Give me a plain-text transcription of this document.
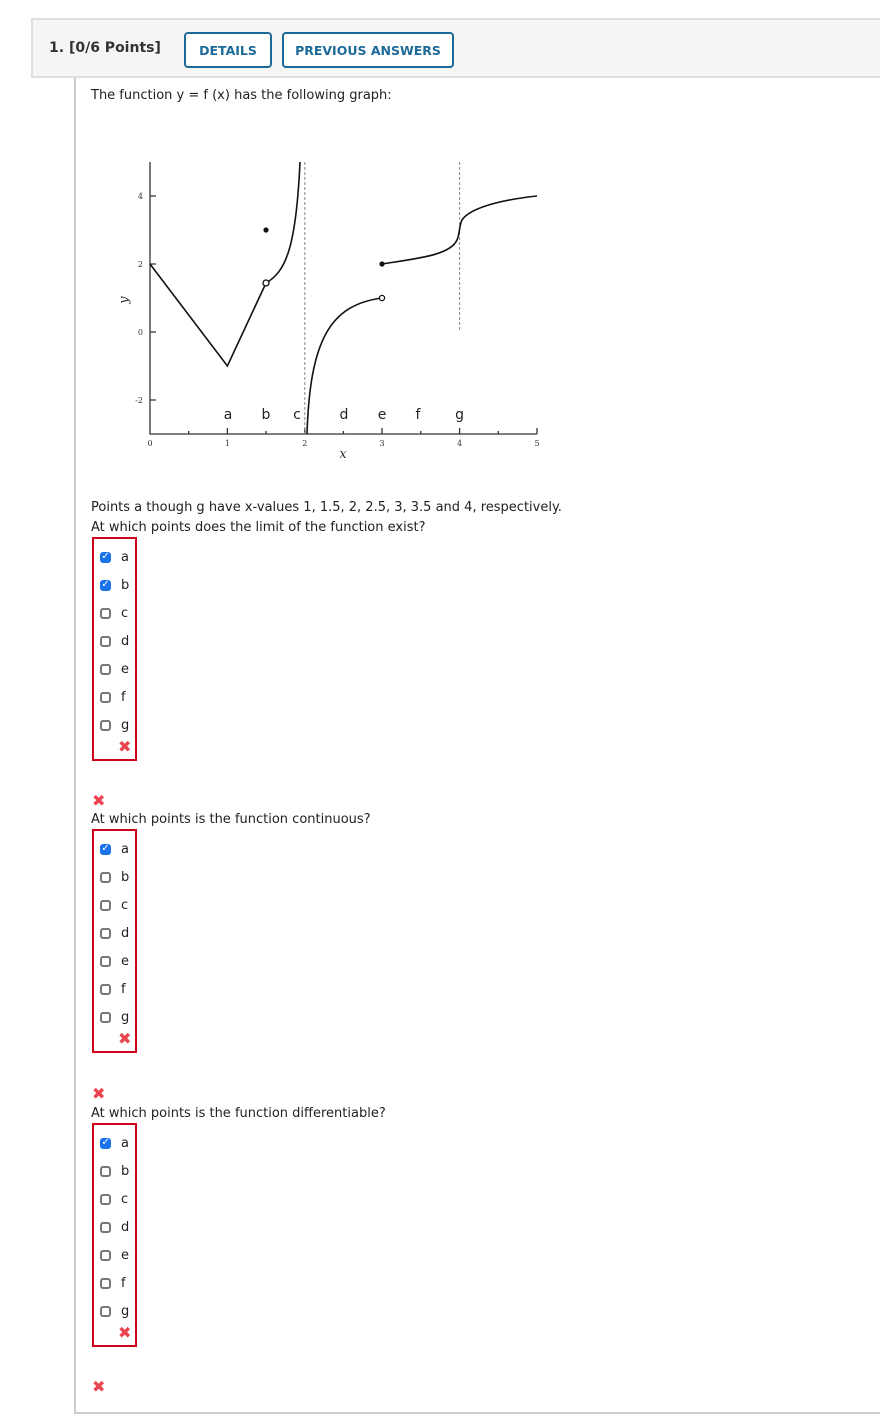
1. [0/6 Points]	DETAILS	PREVIOUS ANSWERS
The function y = f (x) has the following graph:
0	1	2	3	4	5
4
2
0
-2
x
y
a b c	d e f g
Points a though g have x-values 1, 1.5, 2, 2.5, 3, 3.5 and 4, respectively.
At which points does the limit of the function exist?
✓ a
✓ b
c
d
e
f
g
✖
✖
At which points is the function continuous?
✓ a
b
c
d
e
f
g
✖
✖
At which points is the function differentiable?
✓ a
b
c
d
e
f
g
✖
✖
